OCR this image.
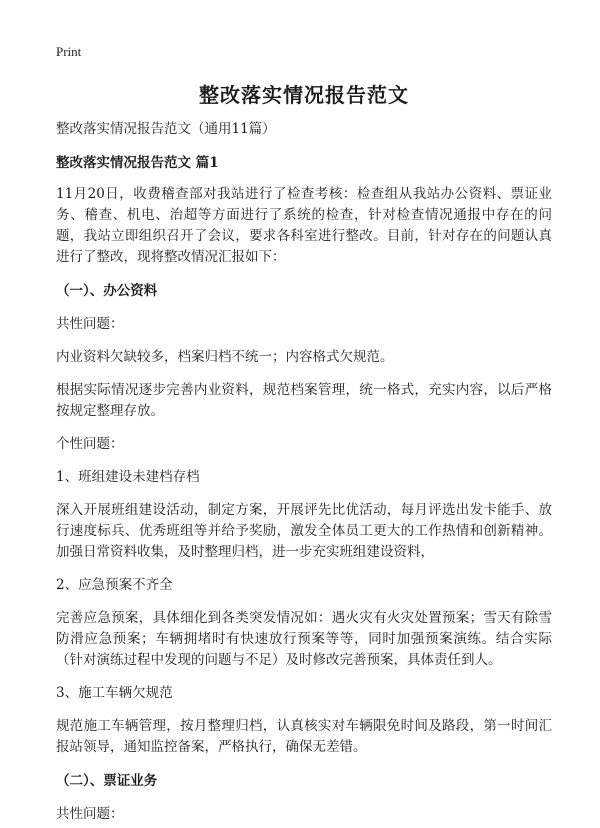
Print
整改落实情况报告范文
整改落实情况报告范文（通用11篇）
整改落实情况报告范文 篇1
11月20日，收费稽查部对我站进行了检查考核：检查组从我站办公资料、票证业务、稽查、机电、治超等方面进行了系统的检查，针对检查情况通报中存在的问题，我站立即组织召开了会议，要求各科室进行整改。目前，针对存在的问题认真进行了整改，现将整改情况汇报如下：
（一）、办公资料
共性问题：
内业资料欠缺较多，档案归档不统一；内容格式欠规范。
根据实际情况逐步完善内业资料，规范档案管理，统一格式，充实内容，以后严格按规定整理存放。
个性问题：
1、班组建设未建档存档
深入开展班组建设活动，制定方案，开展评先比优活动，每月评选出发卡能手、放行速度标兵、优秀班组等并给予奖励，激发全体员工更大的工作热情和创新精神。加强日常资料收集，及时整理归档，进一步充实班组建设资料，
2、应急预案不齐全
完善应急预案，具体细化到各类突发情况如：遇火灾有火灾处置预案；雪天有除雪防滑应急预案；车辆拥堵时有快速放行预案等等，同时加强预案演练。结合实际（针对演练过程中发现的问题与不足）及时修改完善预案，具体责任到人。
3、施工车辆欠规范
规范施工车辆管理，按月整理归档，认真核实对车辆限免时间及路段，第一时间汇报站领导，通知监控备案，严格执行，确保无差错。
（二）、票证业务
共性问题：
